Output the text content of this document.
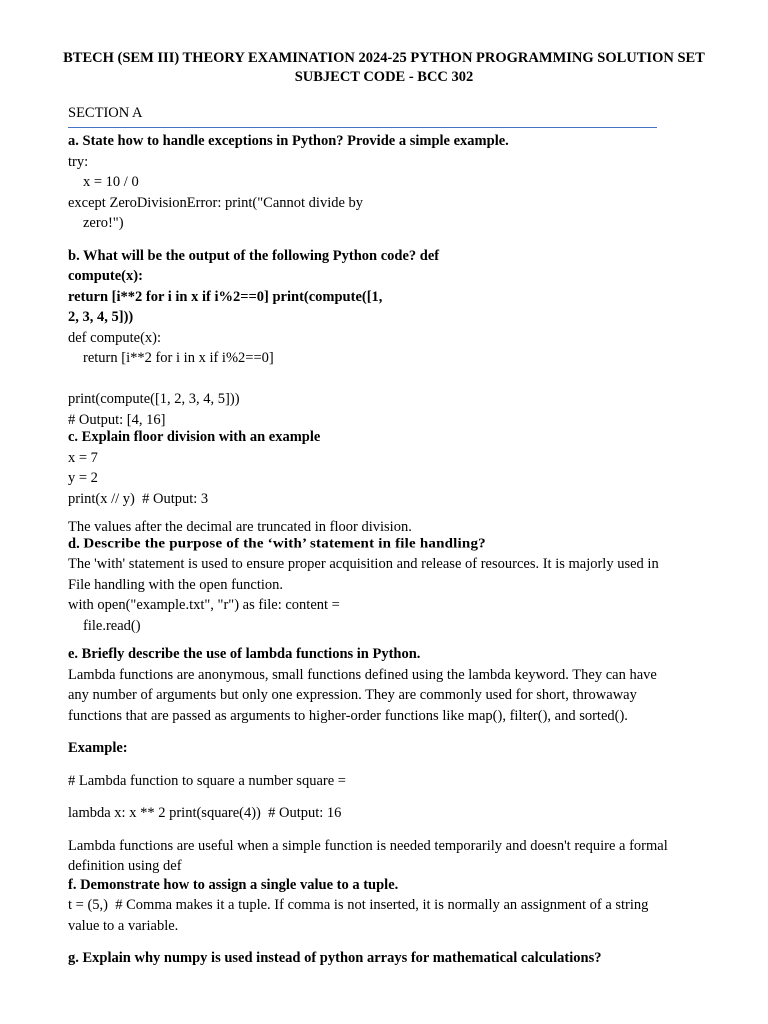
BTECH (SEM III) THEORY EXAMINATION 2024-25 PYTHON PROGRAMMING SOLUTION SET
SUBJECT CODE - BCC 302
SECTION A
a. State how to handle exceptions in Python? Provide a simple example.
try:
x = 10 / 0
except ZeroDivisionError: print("Cannot divide by
zero!")
b. What will be the output of the following Python code? def
compute(x):
return [i**2 for i in x if i%2==0] print(compute([1,
2, 3, 4, 5]))
def compute(x):
return [i**2 for i in x if i%2==0]
print(compute([1, 2, 3, 4, 5]))
# Output: [4, 16]
c. Explain floor division with an example
x = 7
y = 2
print(x // y)  # Output: 3
The values after the decimal are truncated in floor division.
d. Describe the purpose of the ‘with’ statement in file handling?
The 'with' statement is used to ensure proper acquisition and release of resources. It is majorly used in
File handling with the open function.
with open("example.txt", "r") as file: content =
file.read()
e. Briefly describe the use of lambda functions in Python.
Lambda functions are anonymous, small functions defined using the lambda keyword. They can have
any number of arguments but only one expression. They are commonly used for short, throwaway
functions that are passed as arguments to higher-order functions like map(), filter(), and sorted().
Example:
# Lambda function to square a number square =
lambda x: x ** 2 print(square(4))  # Output: 16
Lambda functions are useful when a simple function is needed temporarily and doesn't require a formal
definition using def
f. Demonstrate how to assign a single value to a tuple.
t = (5,)  # Comma makes it a tuple. If comma is not inserted, it is normally an assignment of a string
value to a variable.
g. Explain why numpy is used instead of python arrays for mathematical calculations?
